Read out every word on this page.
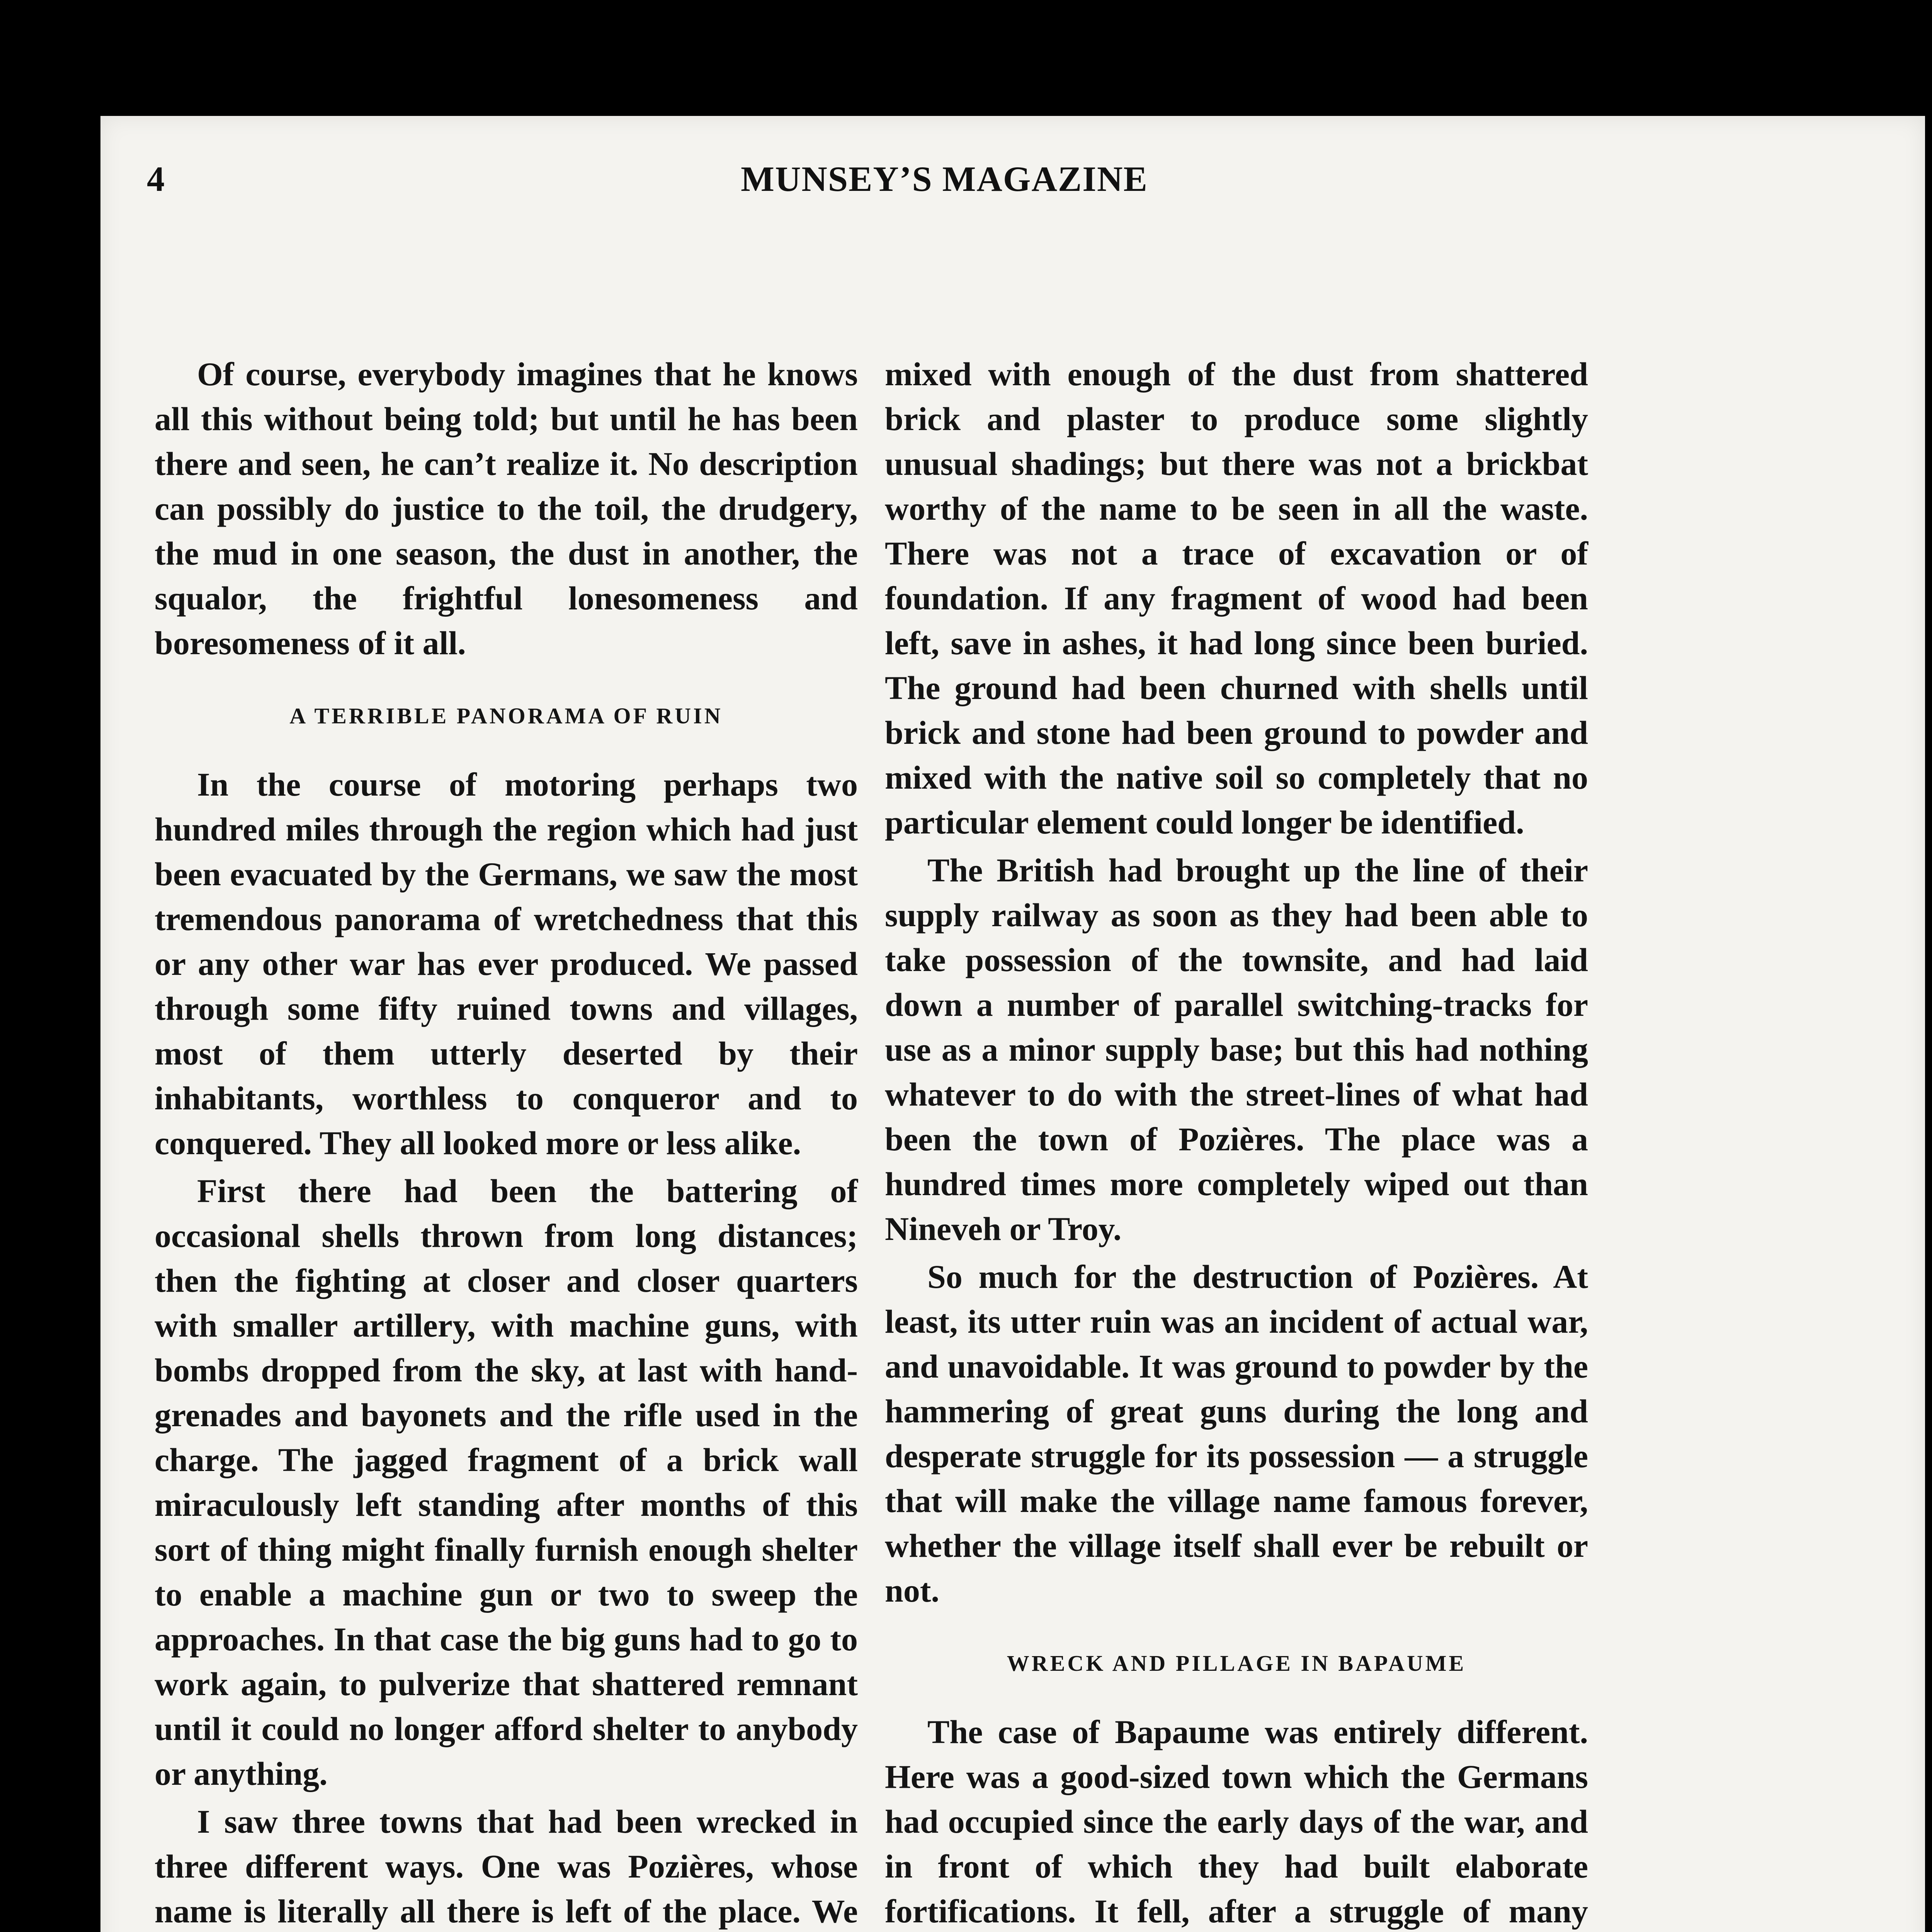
4	MUNSEY’S MAGAZINE

Of course, everybody imagines that he knows all this without being told; but until he has been there and seen, he can’t realize it. No description can possibly do justice to the toil, the drudgery, the mud in one season, the dust in another, the squalor, the frightful lonesomeness and boresomeness of it all.

A TERRIBLE PANORAMA OF RUIN

In the course of motoring perhaps two hundred miles through the region which had just been evacuated by the Germans, we saw the most tremendous panorama of wretchedness that this or any other war has ever produced. We passed through some fifty ruined towns and villages, most of them utterly deserted by their inhabitants, worthless to conqueror and to conquered. They all looked more or less alike.

First there had been the battering of occasional shells thrown from long distances; then the fighting at closer and closer quarters with smaller artillery, with machine guns, with bombs dropped from the sky, at last with hand-grenades and bayonets and the rifle used in the charge. The jagged fragment of a brick wall miraculously left standing after months of this sort of thing might finally furnish enough shelter to enable a machine gun or two to sweep the approaches. In that case the big guns had to go to work again, to pulverize that shattered remnant until it could no longer afford shelter to anybody or anything.

I saw three towns that had been wrecked in three different ways. One was Pozières, whose name is literally all there is left of the place. We

mixed with enough of the dust from shattered brick and plaster to produce some slightly unusual shadings; but there was not a brickbat worthy of the name to be seen in all the waste. There was not a trace of excavation or of foundation. If any fragment of wood had been left, save in ashes, it had long since been buried. The ground had been churned with shells until brick and stone had been ground to powder and mixed with the native soil so completely that no particular element could longer be identified.

The British had brought up the line of their supply railway as soon as they had been able to take possession of the townsite, and had laid down a number of parallel switching-tracks for use as a minor supply base; but this had nothing whatever to do with the street-lines of what had been the town of Pozières. The place was a hundred times more completely wiped out than Nineveh or Troy.

So much for the destruction of Pozières. At least, its utter ruin was an incident of actual war, and unavoidable. It was ground to powder by the hammering of great guns during the long and desperate struggle for its possession — a struggle that will make the village name famous forever, whether the village itself shall ever be rebuilt or not.

WRECK AND PILLAGE IN BAPAUME

The case of Bapaume was entirely different. Here was a good-sized town which the Germans had occupied since the early days of the war, and in front of which they had built elaborate fortifications. It fell, after a struggle of many
